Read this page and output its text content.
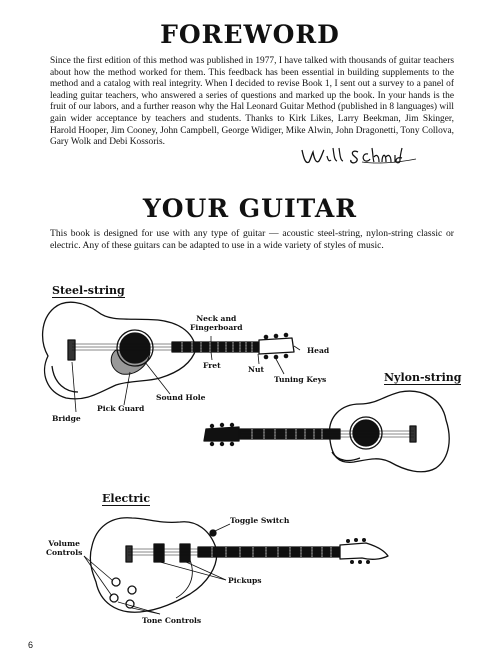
FOREWORD

Since the first edition of this method was published in 1977, I have talked with thousands of guitar teachers about how the method worked for them. This feedback has been essential in building supplements to the method and a catalog with real integrity. When I decided to revise Book 1, I sent out a survey to a panel of leading guitar teachers, who answered a series of questions and marked up the book. In your hands is the fruit of our labors, and a further reason why the Hal Leonard Guitar Method (published in 8 languages) will gain wider acceptance by teachers and students. Thanks to Kirk Likes, Larry Beekman, Jim Skinger, Harold Hooper, Jim Cooney, John Campbell, George Widiger, Mike Alwin, John Dragonetti, Tony Collova, Gary Wolk and Debi Kossoris.

YOUR GUITAR

This book is designed for use with any type of guitar — acoustic steel-string, nylon-string classic or electric. Any of these guitars can be adapted to use in a wide variety of styles of music.

Steel-string
Neck and
Fingerboard
Head
Fret	Nut
Tuning Keys
Sound Hole
Pick Guard
Bridge
Nylon-string
Electric
Toggle Switch
Volume
Controls
Pickups
Tone Controls
6
